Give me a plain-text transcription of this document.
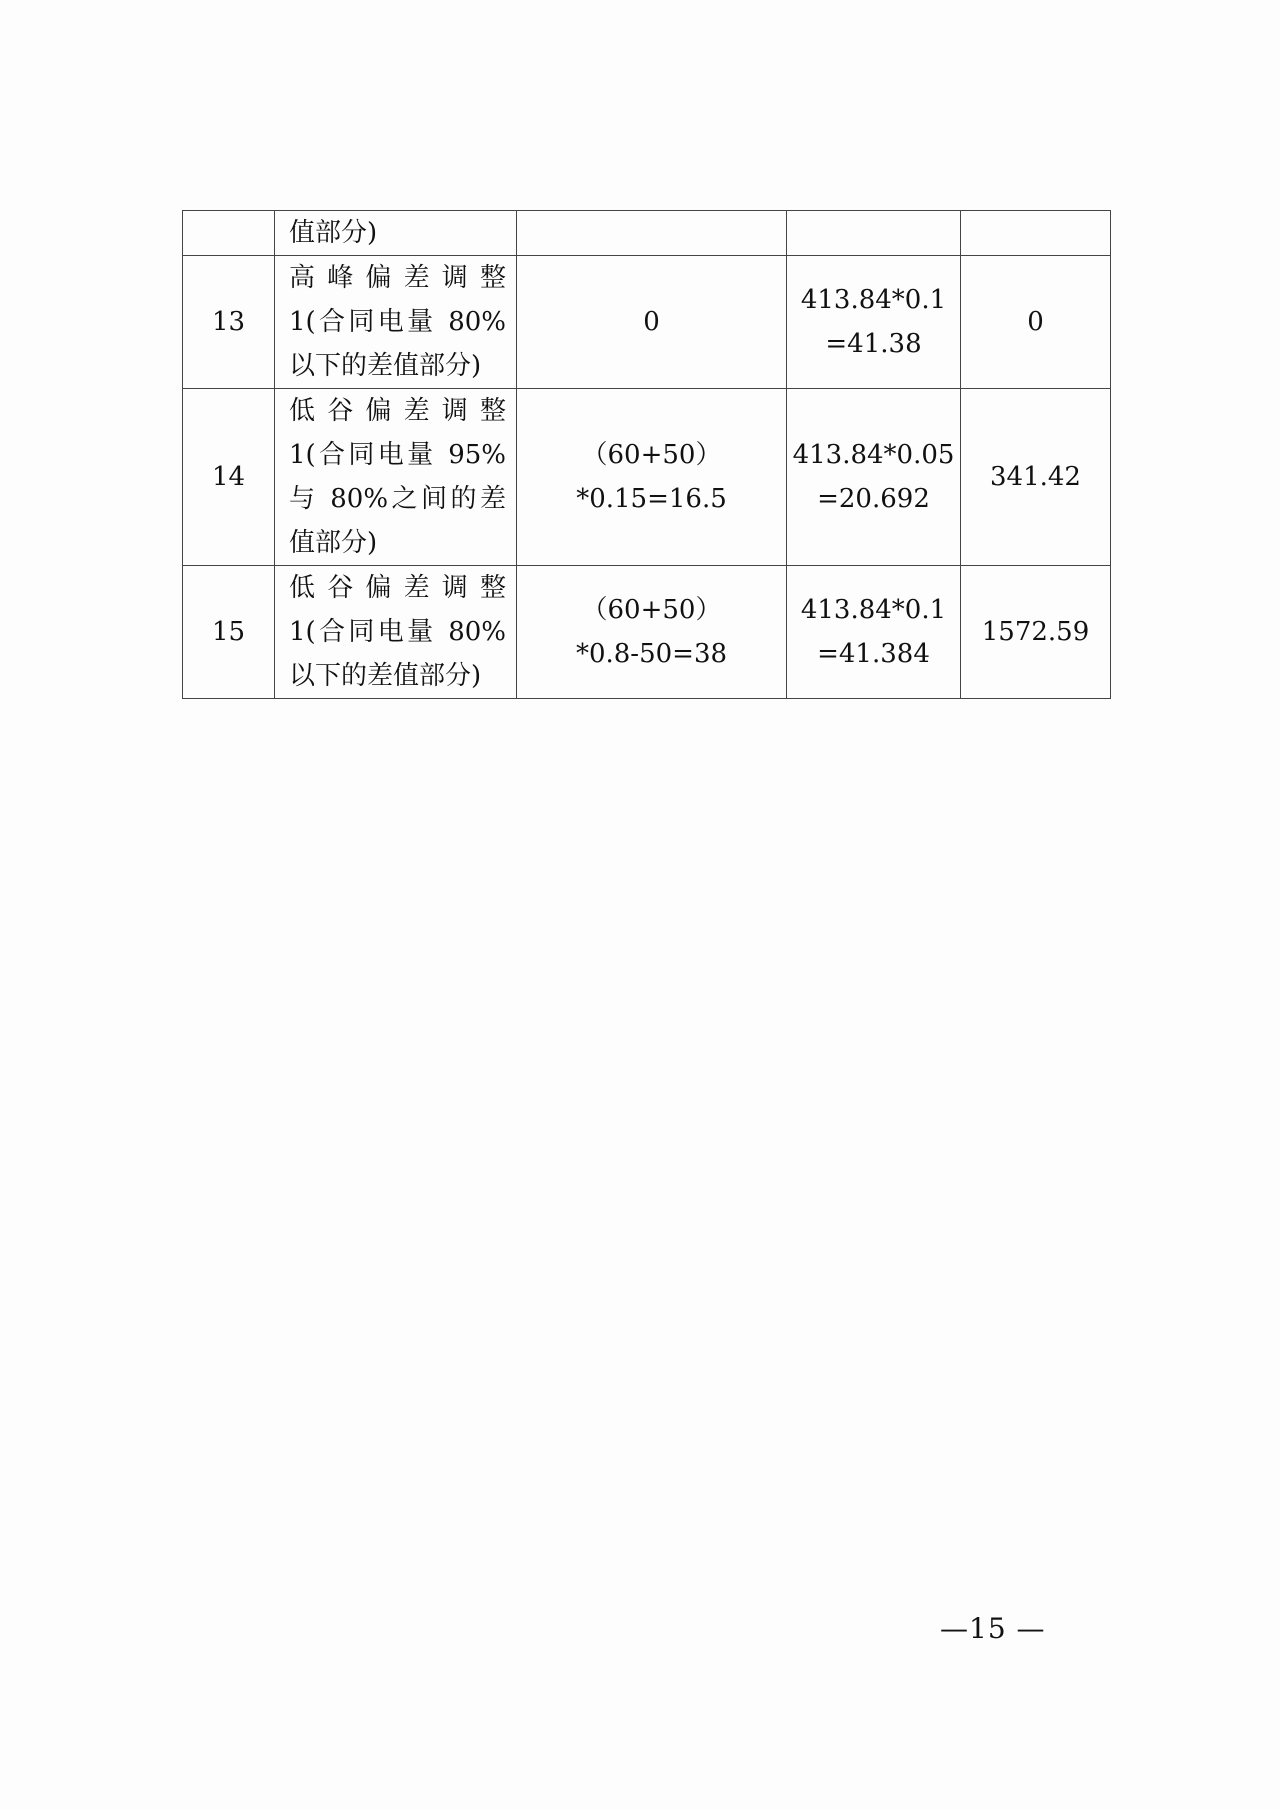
	值部分)			

13	高峰偏差调整
1(合同电量 80%
以下的差值部分)	0	413.84*0.1
=41.38	0
14	低谷偏差调整
1(合同电量 95%
与 80%之间的差
值部分)	（60+50）
*0.15=16.5	413.84*0.05
=20.692	341.42
15	低谷偏差调整
1(合同电量 80%
以下的差值部分)	（60+50）
*0.8-50=38	413.84*0.1
=41.384	1572.59
—15 —
